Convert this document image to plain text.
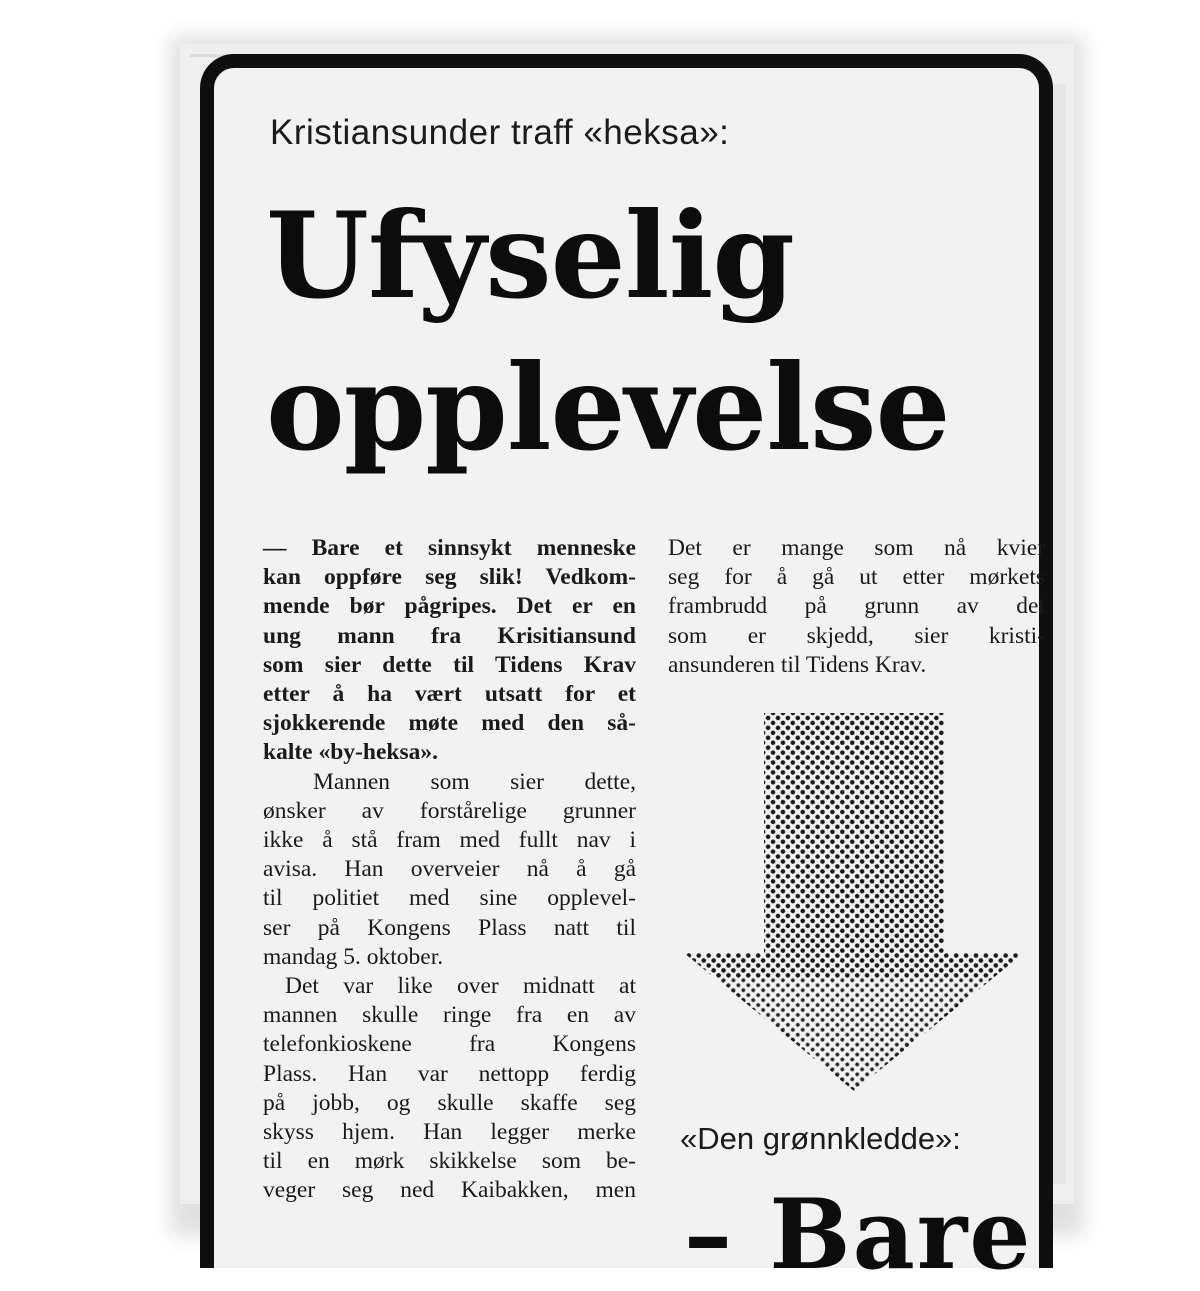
Kristiansunder traff «heksa»:
Ufyselig
opplevelse
— Bare et sinnsykt menneske
kan oppføre seg slik! Vedkom-
mende bør pågripes. Det er en
ung mann fra Krisitiansund
som sier dette til Tidens Krav
etter å ha vært utsatt for et
sjokkerende møte med den så-
kalte «by-heksa».
Mannen som sier dette,
ønsker av forstårelige grunner
ikke å stå fram med fullt nav i
avisa. Han overveier nå å gå
til politiet med sine opplevel-
ser på Kongens Plass natt til
mandag 5. oktober.
Det var like over midnatt at
mannen skulle ringe fra en av
telefonkioskene fra Kongens
Plass. Han var nettopp ferdig
på jobb, og skulle skaffe seg
skyss hjem. Han legger merke
til en mørk skikkelse som be-
veger seg ned Kaibakken, men
Det er mange som nå kvier
seg for å gå ut etter mørkets
frambrudd på grunn av det
som er skjedd, sier kristi-
ansunderen til Tidens Krav.
«Den grønnkledde»:
– Bare
